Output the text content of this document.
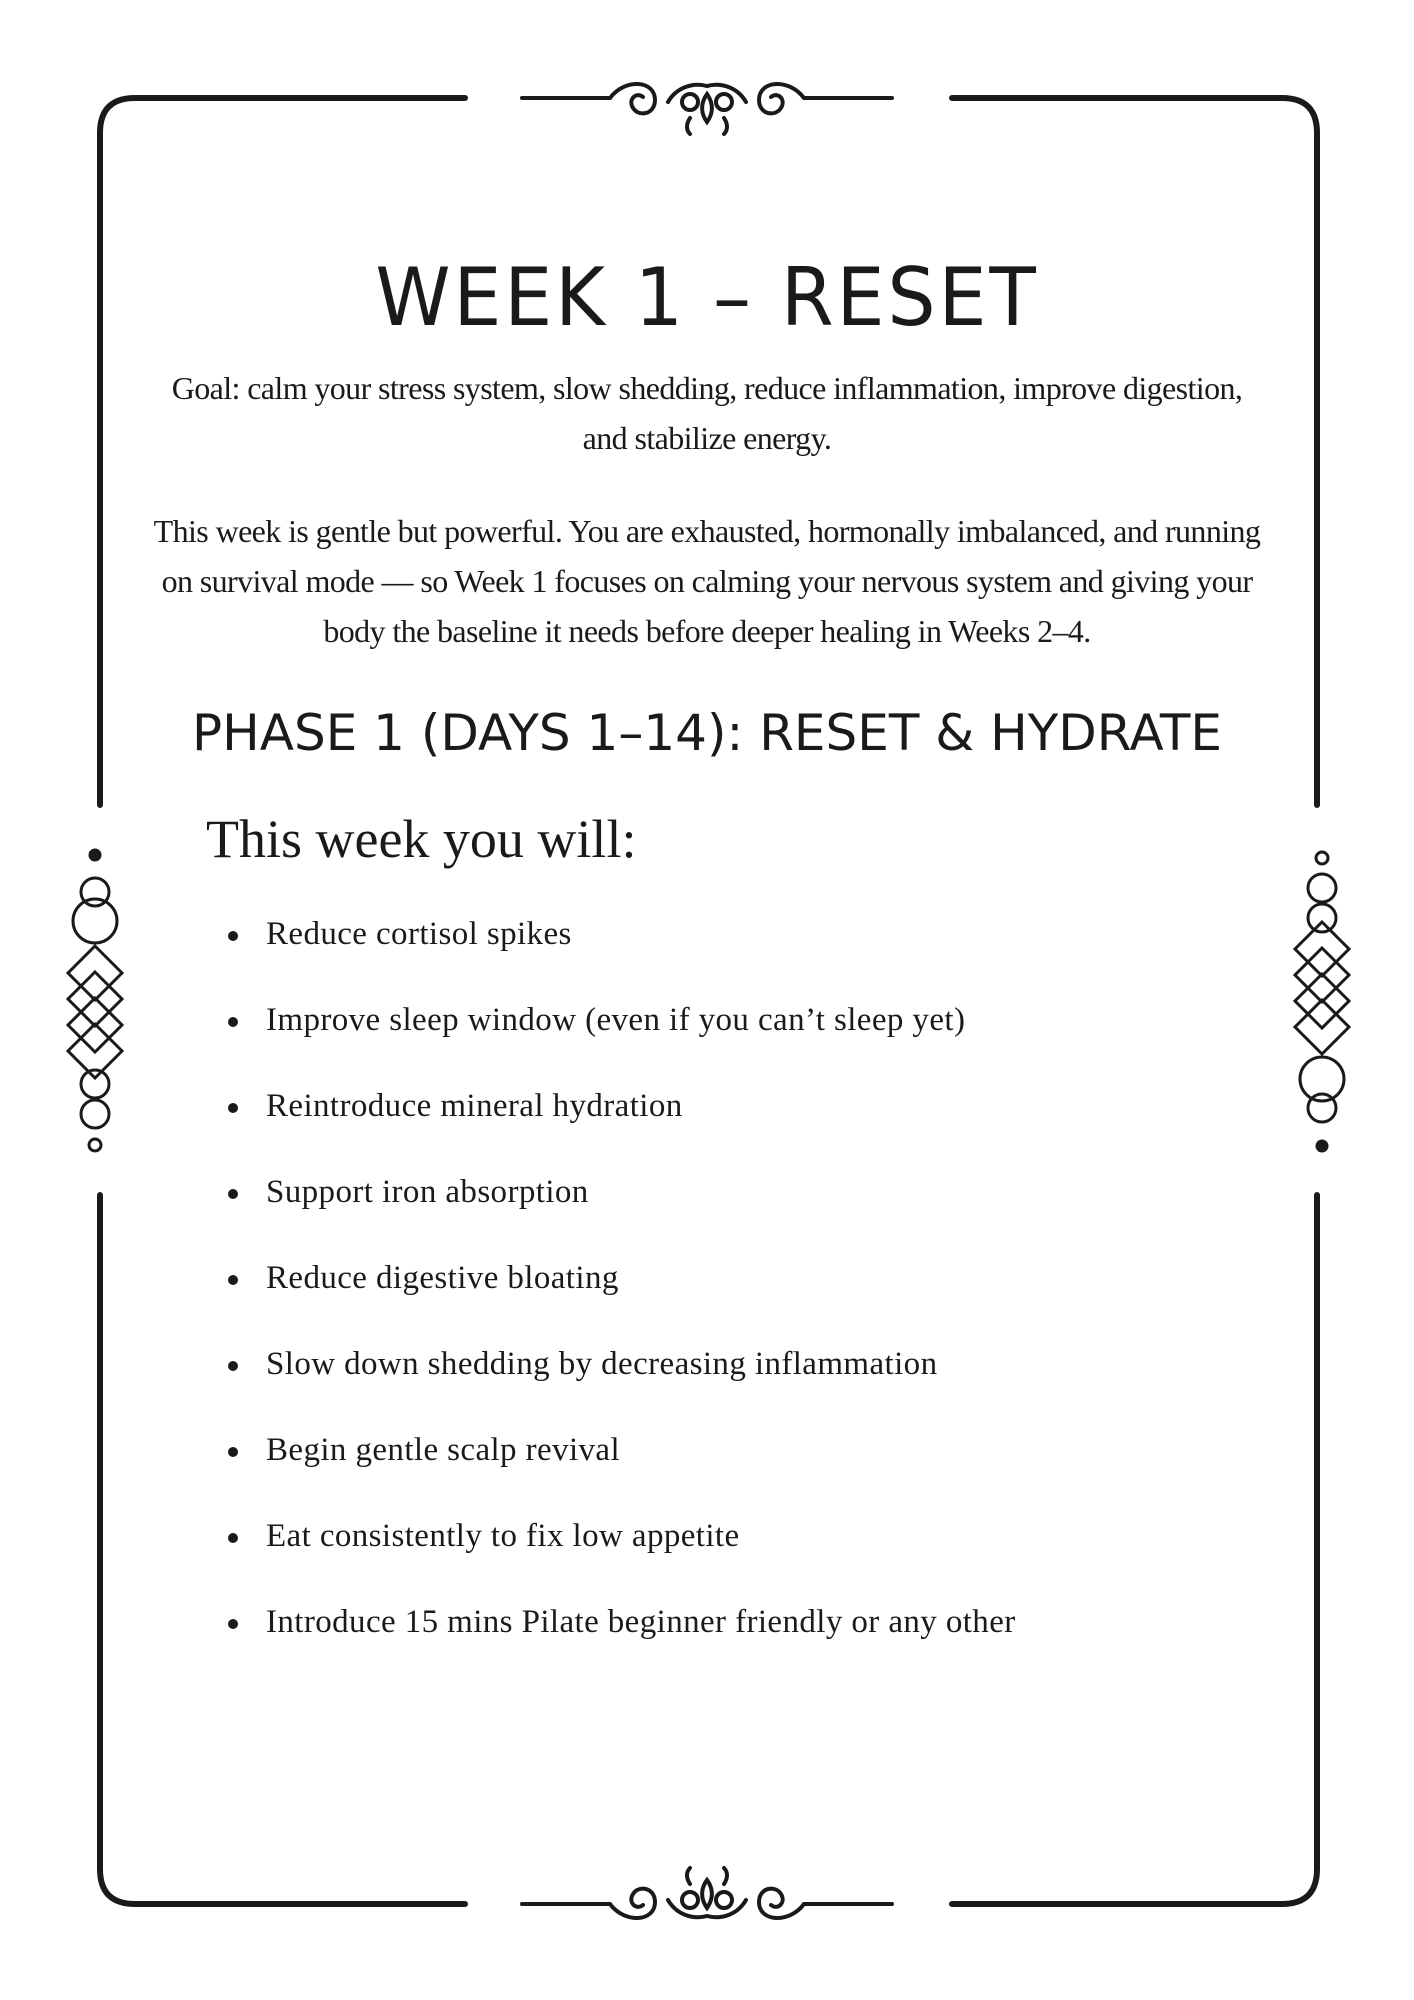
WEEK 1 – RESET

Goal: calm your stress system, slow shedding, reduce inflammation, improve digestion, and stabilize energy.

This week is gentle but powerful. You are exhausted, hormonally imbalanced, and running on survival mode — so Week 1 focuses on calming your nervous system and giving your body the baseline it needs before deeper healing in Weeks 2–4.

PHASE 1 (DAYS 1–14): RESET & HYDRATE
This week you will:
Reduce cortisol spikes
Improve sleep window (even if you can’t sleep yet)
Reintroduce mineral hydration
Support iron absorption
Reduce digestive bloating
Slow down shedding by decreasing inflammation
Begin gentle scalp revival
Eat consistently to fix low appetite
Introduce 15 mins Pilate beginner friendly or any other
